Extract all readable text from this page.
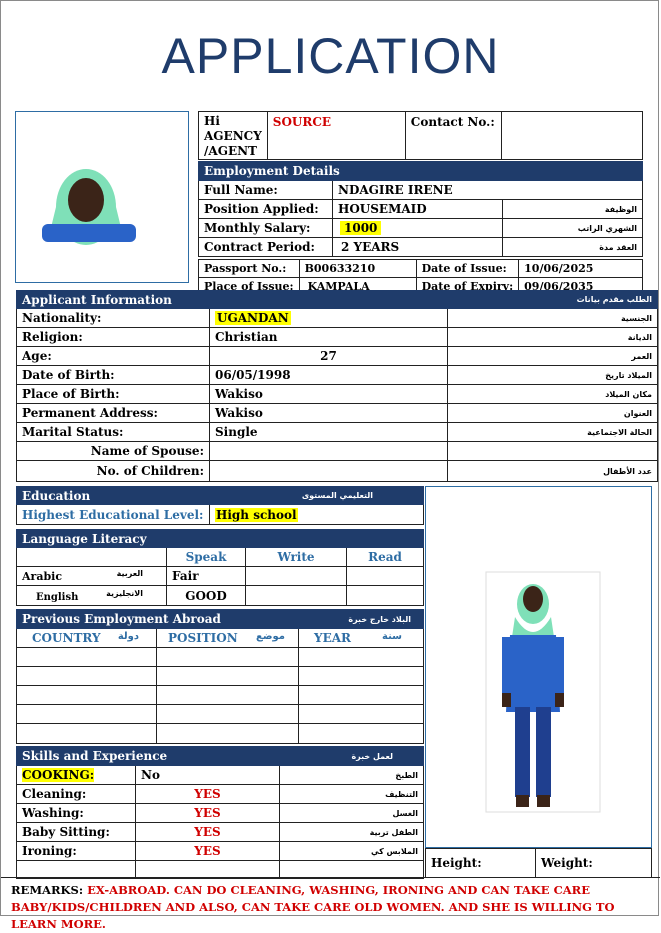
APPLICATION
Hi
AGENCY
/AGENT
	SOURCE	Contact No.:	
Employment Details		
Full Name:	NDAGIRE IRENE	
Position Applied:	HOUSEMAID	الوظيفة
Monthly Salary:	1000	الشهري الراتب
Contract Period:	2 YEARS	العقد مدة
Passport No.:	B00633210	Date of Issue:	10/06/2025
Place of Issue:	KAMPALA	Date of Expiry:	09/06/2035
Applicant Information		الطلب مقدم بيانات
Nationality:	UGANDAN	الجنسية
Religion:	Christian	الديانة
Age:	27	العمر
Date of Birth:	06/05/1998	الميلاد تاريخ
Place of Birth:	Wakiso	مكان الميلاد
Permanent Address:	Wakiso	العنوان
Marital Status:	Single	الحالة الاجتماعية
Name of Spouse:		
No. of Children:		عدد الأطفال
Education	التعليمي المستوى
Highest Educational Level:	High school
Language Literacy			
	Speak	Write	Read
Arabic العربية	Fair		
English الانجليزية	GOOD		
Previous Employment Abroad		البلاد خارج خبرة
COUNTRY دولة	POSITION موضع	YEAR سنة

Skills and Experience		لعمل خبرة
COOKING:	No	الطبخ
Cleaning:	YES	التنظيف
Washing:	YES	الغسل
Baby Sitting:	YES	الطفل تربية
Ironing:	YES	الملابس كي

Height:	Weight:
REMARKS: EX-ABROAD. CAN DO CLEANING, WASHING, IRONING AND CAN TAKE CARE
BABY/KIDS/CHILDREN AND ALSO, CAN TAKE CARE OLD WOMEN. AND SHE IS WILLING TO LEARN MORE.
